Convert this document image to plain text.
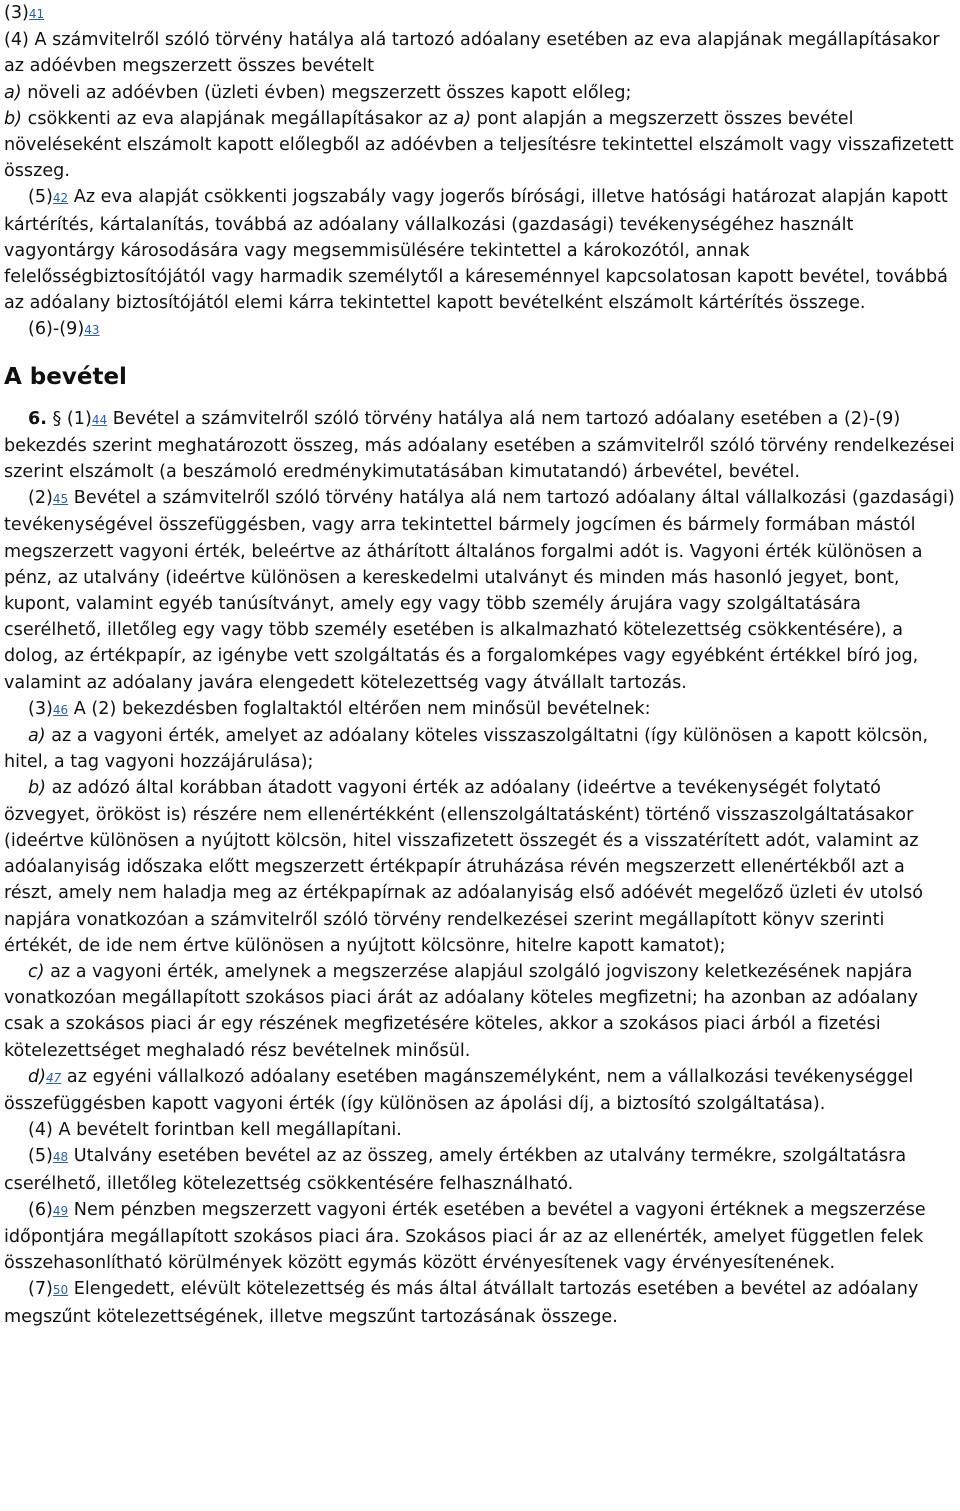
(3)41

(4) A számvitelről szóló törvény hatálya alá tartozó adóalany esetében az eva alapjának megállapításakor az adóévben megszerzett összes bevételt

a) növeli az adóévben (üzleti évben) megszerzett összes kapott előleg;

b) csökkenti az eva alapjának megállapításakor az a) pont alapján a megszerzett összes bevétel növeléseként elszámolt kapott előlegből az adóévben a teljesítésre tekintettel elszámolt vagy visszafizetett összeg.

(5)42 Az eva alapját csökkenti jogszabály vagy jogerős bírósági, illetve hatósági határozat alapján kapott kártérítés, kártalanítás, továbbá az adóalany vállalkozási (gazdasági) tevékenységéhez használt vagyontárgy károsodására vagy megsemmisülésére tekintettel a károkozótól, annak felelősségbiztosítójától vagy harmadik személytől a káreseménnyel kapcsolatosan kapott bevétel, továbbá az adóalany biztosítójától elemi kárra tekintettel kapott bevételként elszámolt kártérítés összege.

(6)-(9)43

A bevétel

6. § (1)44 Bevétel a számvitelről szóló törvény hatálya alá nem tartozó adóalany esetében a (2)-(9) bekezdés szerint meghatározott összeg, más adóalany esetében a számvitelről szóló törvény rendelkezései szerint elszámolt (a beszámoló eredménykimutatásában kimutatandó) árbevétel, bevétel.

(2)45 Bevétel a számvitelről szóló törvény hatálya alá nem tartozó adóalany által vállalkozási (gazdasági) tevékenységével összefüggésben, vagy arra tekintettel bármely jogcímen és bármely formában mástól megszerzett vagyoni érték, beleértve az áthárított általános forgalmi adót is. Vagyoni érték különösen a pénz, az utalvány (ideértve különösen a kereskedelmi utalványt és minden más hasonló jegyet, bont, kupont, valamint egyéb tanúsítványt, amely egy vagy több személy árujára vagy szolgáltatására cserélhető, illetőleg egy vagy több személy esetében is alkalmazható kötelezettség csökkentésére), a dolog, az értékpapír, az igénybe vett szolgáltatás és a forgalomképes vagy egyébként értékkel bíró jog, valamint az adóalany javára elengedett kötelezettség vagy átvállalt tartozás.

(3)46 A (2) bekezdésben foglaltaktól eltérően nem minősül bevételnek:

a) az a vagyoni érték, amelyet az adóalany köteles visszaszolgáltatni (így különösen a kapott kölcsön, hitel, a tag vagyoni hozzájárulása);

b) az adózó által korábban átadott vagyoni érték az adóalany (ideértve a tevékenységét folytató özvegyet, örököst is) részére nem ellenértékként (ellenszolgáltatásként) történő visszaszolgáltatásakor (ideértve különösen a nyújtott kölcsön, hitel visszafizetett összegét és a visszatérített adót, valamint az adóalanyiság időszaka előtt megszerzett értékpapír átruházása révén megszerzett ellenértékből azt a részt, amely nem haladja meg az értékpapírnak az adóalanyiság első adóévét megelőző üzleti év utolsó napjára vonatkozóan a számvitelről szóló törvény rendelkezései szerint megállapított könyv szerinti értékét, de ide nem értve különösen a nyújtott kölcsönre, hitelre kapott kamatot);

c) az a vagyoni érték, amelynek a megszerzése alapjául szolgáló jogviszony keletkezésének napjára vonatkozóan megállapított szokásos piaci árát az adóalany köteles megfizetni; ha azonban az adóalany csak a szokásos piaci ár egy részének megfizetésére köteles, akkor a szokásos piaci árból a fizetési kötelezettséget meghaladó rész bevételnek minősül.

d)47 az egyéni vállalkozó adóalany esetében magánszemélyként, nem a vállalkozási tevékenységgel összefüggésben kapott vagyoni érték (így különösen az ápolási díj, a biztosító szolgáltatása).

(4) A bevételt forintban kell megállapítani.

(5)48 Utalvány esetében bevétel az az összeg, amely értékben az utalvány termékre, szolgáltatásra cserélhető, illetőleg kötelezettség csökkentésére felhasználható.

(6)49 Nem pénzben megszerzett vagyoni érték esetében a bevétel a vagyoni értéknek a megszerzése időpontjára megállapított szokásos piaci ára. Szokásos piaci ár az az ellenérték, amelyet független felek összehasonlítható körülmények között egymás között érvényesítenek vagy érvényesítenének.

(7)50 Elengedett, elévült kötelezettség és más által átvállalt tartozás esetében a bevétel az adóalany megszűnt kötelezettségének, illetve megszűnt tartozásának összege.
